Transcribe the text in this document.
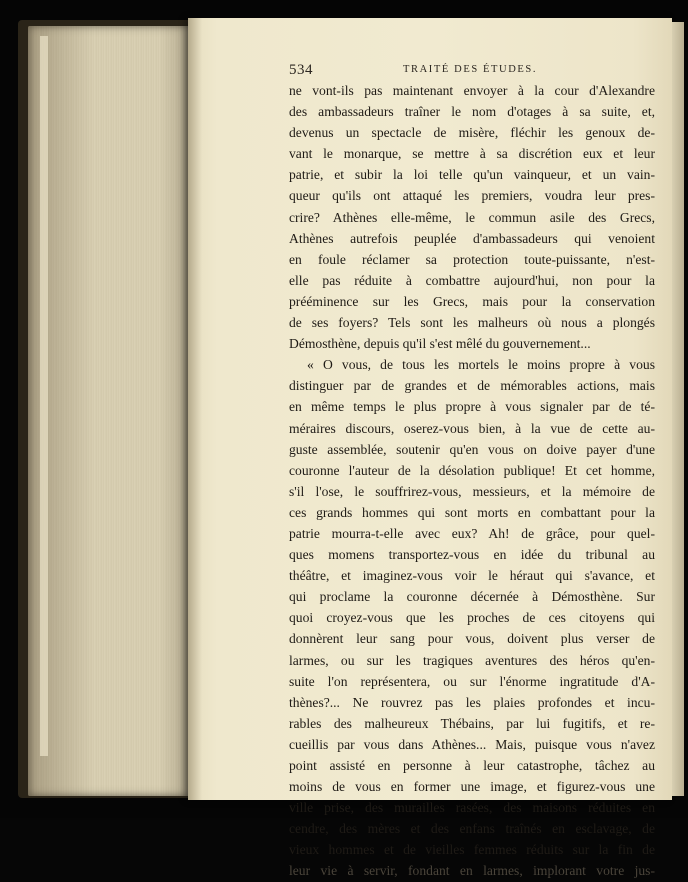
534	TRAITÉ DES ÉTUDES.
ne vont-ils pas maintenant envoyer à la cour d'Alexandre
des ambassadeurs traîner le nom d'otages à sa suite, et,
devenus un spectacle de misère, fléchir les genoux de-
vant le monarque, se mettre à sa discrétion eux et leur
patrie, et subir la loi telle qu'un vainqueur, et un vain-
queur qu'ils ont attaqué les premiers, voudra leur pres-
crire? Athènes elle-même, le commun asile des Grecs,
Athènes autrefois peuplée d'ambassadeurs qui venoient
en foule réclamer sa protection toute-puissante, n'est-
elle pas réduite à combattre aujourd'hui, non pour la
prééminence sur les Grecs, mais pour la conservation
de ses foyers? Tels sont les malheurs où nous a plongés
Démosthène, depuis qu'il s'est mêlé du gouvernement...
« O vous, de tous les mortels le moins propre à vous
distinguer par de grandes et de mémorables actions, mais
en même temps le plus propre à vous signaler par de té-
méraires discours, oserez-vous bien, à la vue de cette au-
guste assemblée, soutenir qu'en vous on doive payer d'une
couronne l'auteur de la désolation publique! Et cet homme,
s'il l'ose, le souffrirez-vous, messieurs, et la mémoire de
ces grands hommes qui sont morts en combattant pour la
patrie mourra-t-elle avec eux? Ah! de grâce, pour quel-
ques momens transportez-vous en idée du tribunal au
théâtre, et imaginez-vous voir le héraut qui s'avance, et
qui proclame la couronne décernée à Démosthène. Sur
quoi croyez-vous que les proches de ces citoyens qui
donnèrent leur sang pour vous, doivent plus verser de
larmes, ou sur les tragiques aventures des héros qu'en-
suite l'on représentera, ou sur l'énorme ingratitude d'A-
thènes?... Ne rouvrez pas les plaies profondes et incu-
rables des malheureux Thébains, par lui fugitifs, et re-
cueillis par vous dans Athènes... Mais, puisque vous n'avez
point assisté en personne à leur catastrophe, tâchez au
moins de vous en former une image, et figurez-vous une
ville prise, des murailles rasées, des maisons réduites en
cendre, des mères et des enfans traînés en esclavage, de
vieux hommes et de vieilles femmes réduits sur la fin de
leur vie à servir, fondant en larmes, implorant votre jus-
